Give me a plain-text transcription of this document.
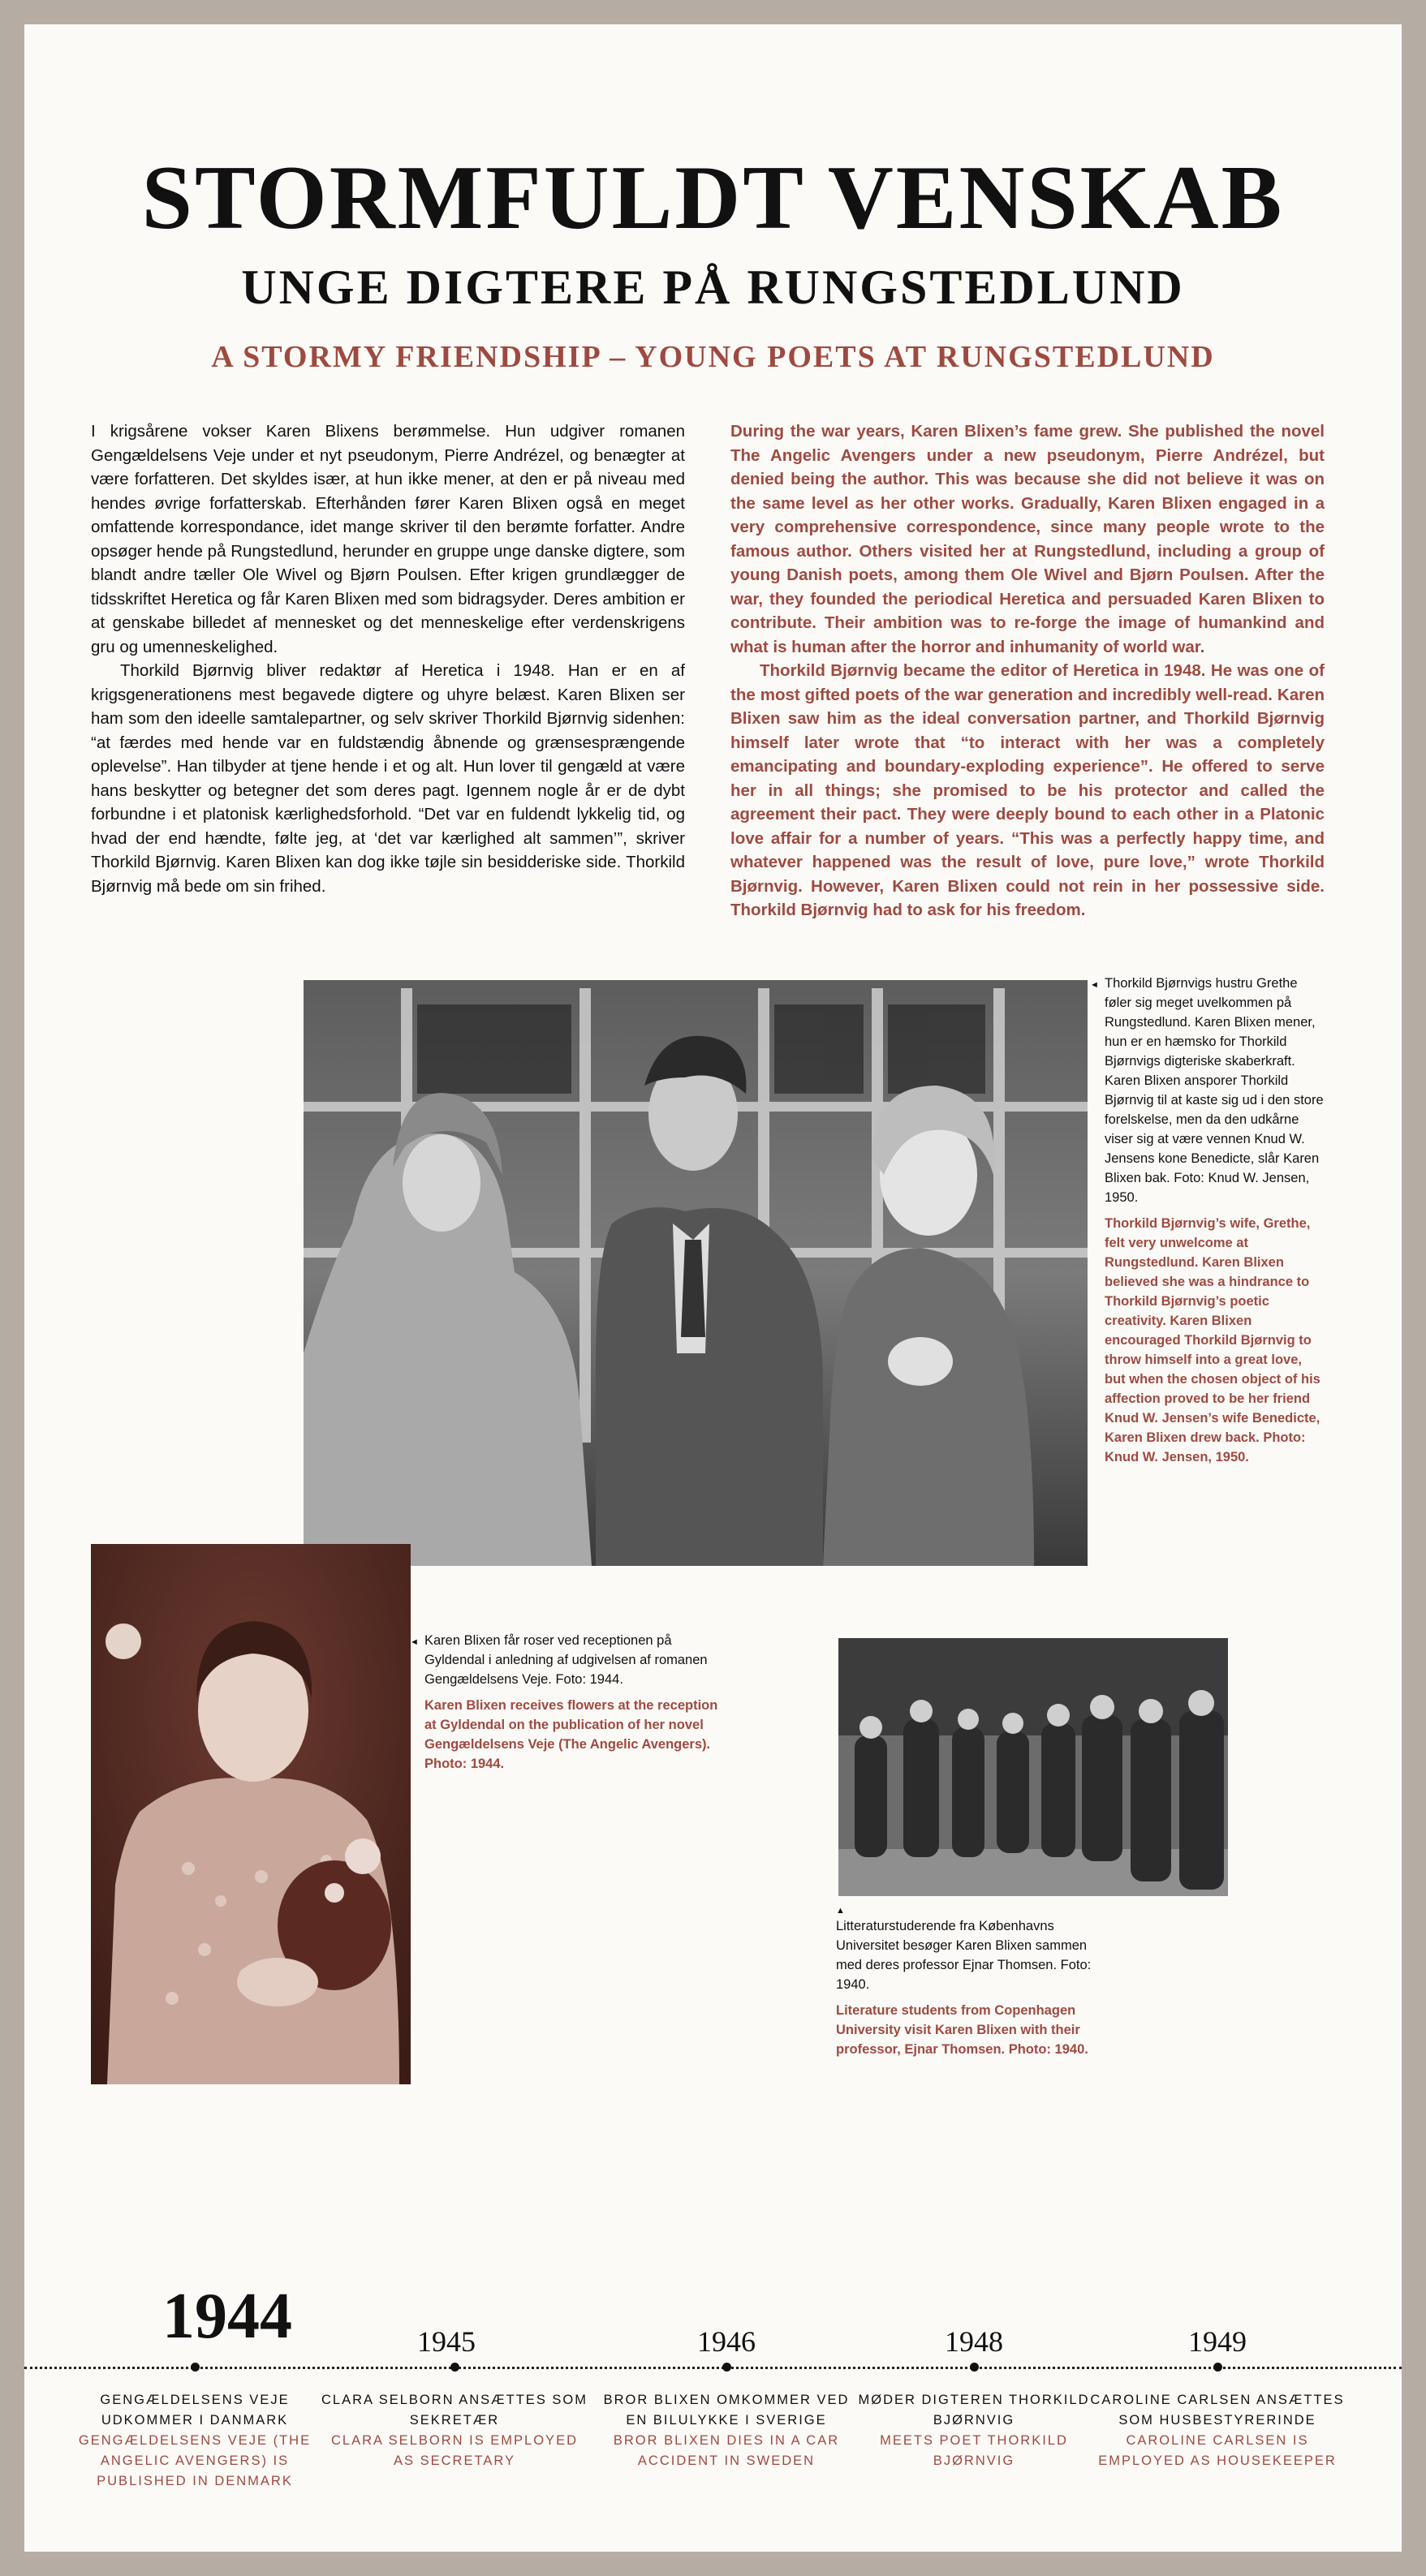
STORMFULDT VENSKAB
UNGE DIGTERE PÅ RUNGSTEDLUND
A STORMY FRIENDSHIP – YOUNG POETS AT RUNGSTEDLUND

I krigsårene vokser Karen Blixens berømmelse. Hun udgiver romanen Gengældelsens Veje under et nyt pseudonym, Pierre Andrézel, og benægter at være forfatteren. Det skyldes især, at hun ikke mener, at den er på niveau med hendes øvrige forfatterskab. Efterhånden fører Karen Blixen også en meget omfattende korrespondance, idet mange skriver til den berømte forfatter. Andre opsøger hende på Rungstedlund, herunder en gruppe unge danske digtere, som blandt andre tæller Ole Wivel og Bjørn Poulsen. Efter krigen grundlægger de tidsskriftet Heretica og får Karen Blixen med som bidragsyder. Deres ambition er at genskabe billedet af mennesket og det menneskelige efter verdenskrigens gru og umenneskelighed.

Thorkild Bjørnvig bliver redaktør af Heretica i 1948. Han er en af krigsgenerationens mest begavede digtere og uhyre belæst. Karen Blixen ser ham som den ideelle samtalepartner, og selv skriver Thorkild Bjørnvig sidenhen: “at færdes med hende var en fuldstændig åbnende og grænsesprængende oplevelse”. Han tilbyder at tjene hende i et og alt. Hun lover til gengæld at være hans beskytter og betegner det som deres pagt. Igennem nogle år er de dybt forbundne i et platonisk kærlighedsforhold. “Det var en fuldendt lykkelig tid, og hvad der end hændte, følte jeg, at ‘det var kærlighed alt sammen’”, skriver Thorkild Bjørnvig. Karen Blixen kan dog ikke tøjle sin besidderiske side. Thorkild Bjørnvig må bede om sin frihed.

During the war years, Karen Blixen’s fame grew. She published the novel The Angelic Avengers under a new pseudonym, Pierre Andrézel, but denied being the author. This was because she did not believe it was on the same level as her other works. Gradually, Karen Blixen engaged in a very comprehensive correspondence, since many people wrote to the famous author. Others visited her at Rungstedlund, including a group of young Danish poets, among them Ole Wivel and Bjørn Poulsen. After the war, they founded the periodical Heretica and persuaded Karen Blixen to contribute. Their ambition was to re-forge the image of humankind and what is human after the horror and inhumanity of world war.

Thorkild Bjørnvig became the editor of Heretica in 1948. He was one of the most gifted poets of the war generation and incredibly well-read. Karen Blixen saw him as the ideal conversation partner, and Thorkild Bjørnvig himself later wrote that “to interact with her was a completely emancipating and boundary-exploding experience”. He offered to serve her in all things; she promised to be his protector and called the agreement their pact. They were deeply bound to each other in a Platonic love affair for a number of years. “This was a perfectly happy time, and whatever happened was the result of love, pure love,” wrote Thorkild Bjørnvig. However, Karen Blixen could not rein in her possessive side. Thorkild Bjørnvig had to ask for his freedom.

◄ Thorkild Bjørnvigs hustru Grethe føler sig meget uvelkommen på Rungstedlund. Karen Blixen mener, hun er en hæmsko for Thorkild Bjørnvigs digteriske skaberkraft. Karen Blixen ansporer Thorkild Bjørnvig til at kaste sig ud i den store forelskelse, men da den udkårne viser sig at være vennen Knud W. Jensens kone Benedicte, slår Karen Blixen bak. Foto: Knud W. Jensen, 1950.

Thorkild Bjørnvig’s wife, Grethe, felt very unwelcome at Rungstedlund. Karen Blixen believed she was a hindrance to Thorkild Bjørnvig’s poetic creativity. Karen Blixen encouraged Thorkild Bjørnvig to throw himself into a great love, but when the chosen object of his affection proved to be her friend Knud W. Jensen’s wife Benedicte, Karen Blixen drew back. Photo: Knud W. Jensen, 1950.

◄ Karen Blixen får roser ved receptionen på Gyldendal i anledning af udgivelsen af romanen Gengældelsens Veje. Foto: 1944.

Karen Blixen receives flowers at the reception at Gyldendal on the publication of her novel Gengældelsens Veje (The Angelic Avengers). Photo: 1944.

▲

Litteraturstuderende fra Københavns Universitet besøger Karen Blixen sammen med deres professor Ejnar Thomsen. Foto: 1940.

Literature students from Copenhagen University visit Karen Blixen with their professor, Ejnar Thomsen. Photo: 1940.

1944
GENGÆLDELSENS VEJE UDKOMMER I DANMARK
GENGÆLDELSENS VEJE (THE ANGELIC AVENGERS) IS PUBLISHED IN DENMARK
1945
CLARA SELBORN ANSÆTTES SOM SEKRETÆR
CLARA SELBORN IS EMPLOYED AS SECRETARY
1946
BROR BLIXEN OMKOMMER VED EN BILULYKKE I SVERIGE
BROR BLIXEN DIES IN A CAR ACCIDENT IN SWEDEN
1948
MØDER DIGTEREN THORKILD BJØRNVIG
MEETS POET THORKILD BJØRNVIG
1949
CAROLINE CARLSEN ANSÆTTES SOM HUSBESTYRERINDE
CAROLINE CARLSEN IS EMPLOYED AS HOUSEKEEPER
